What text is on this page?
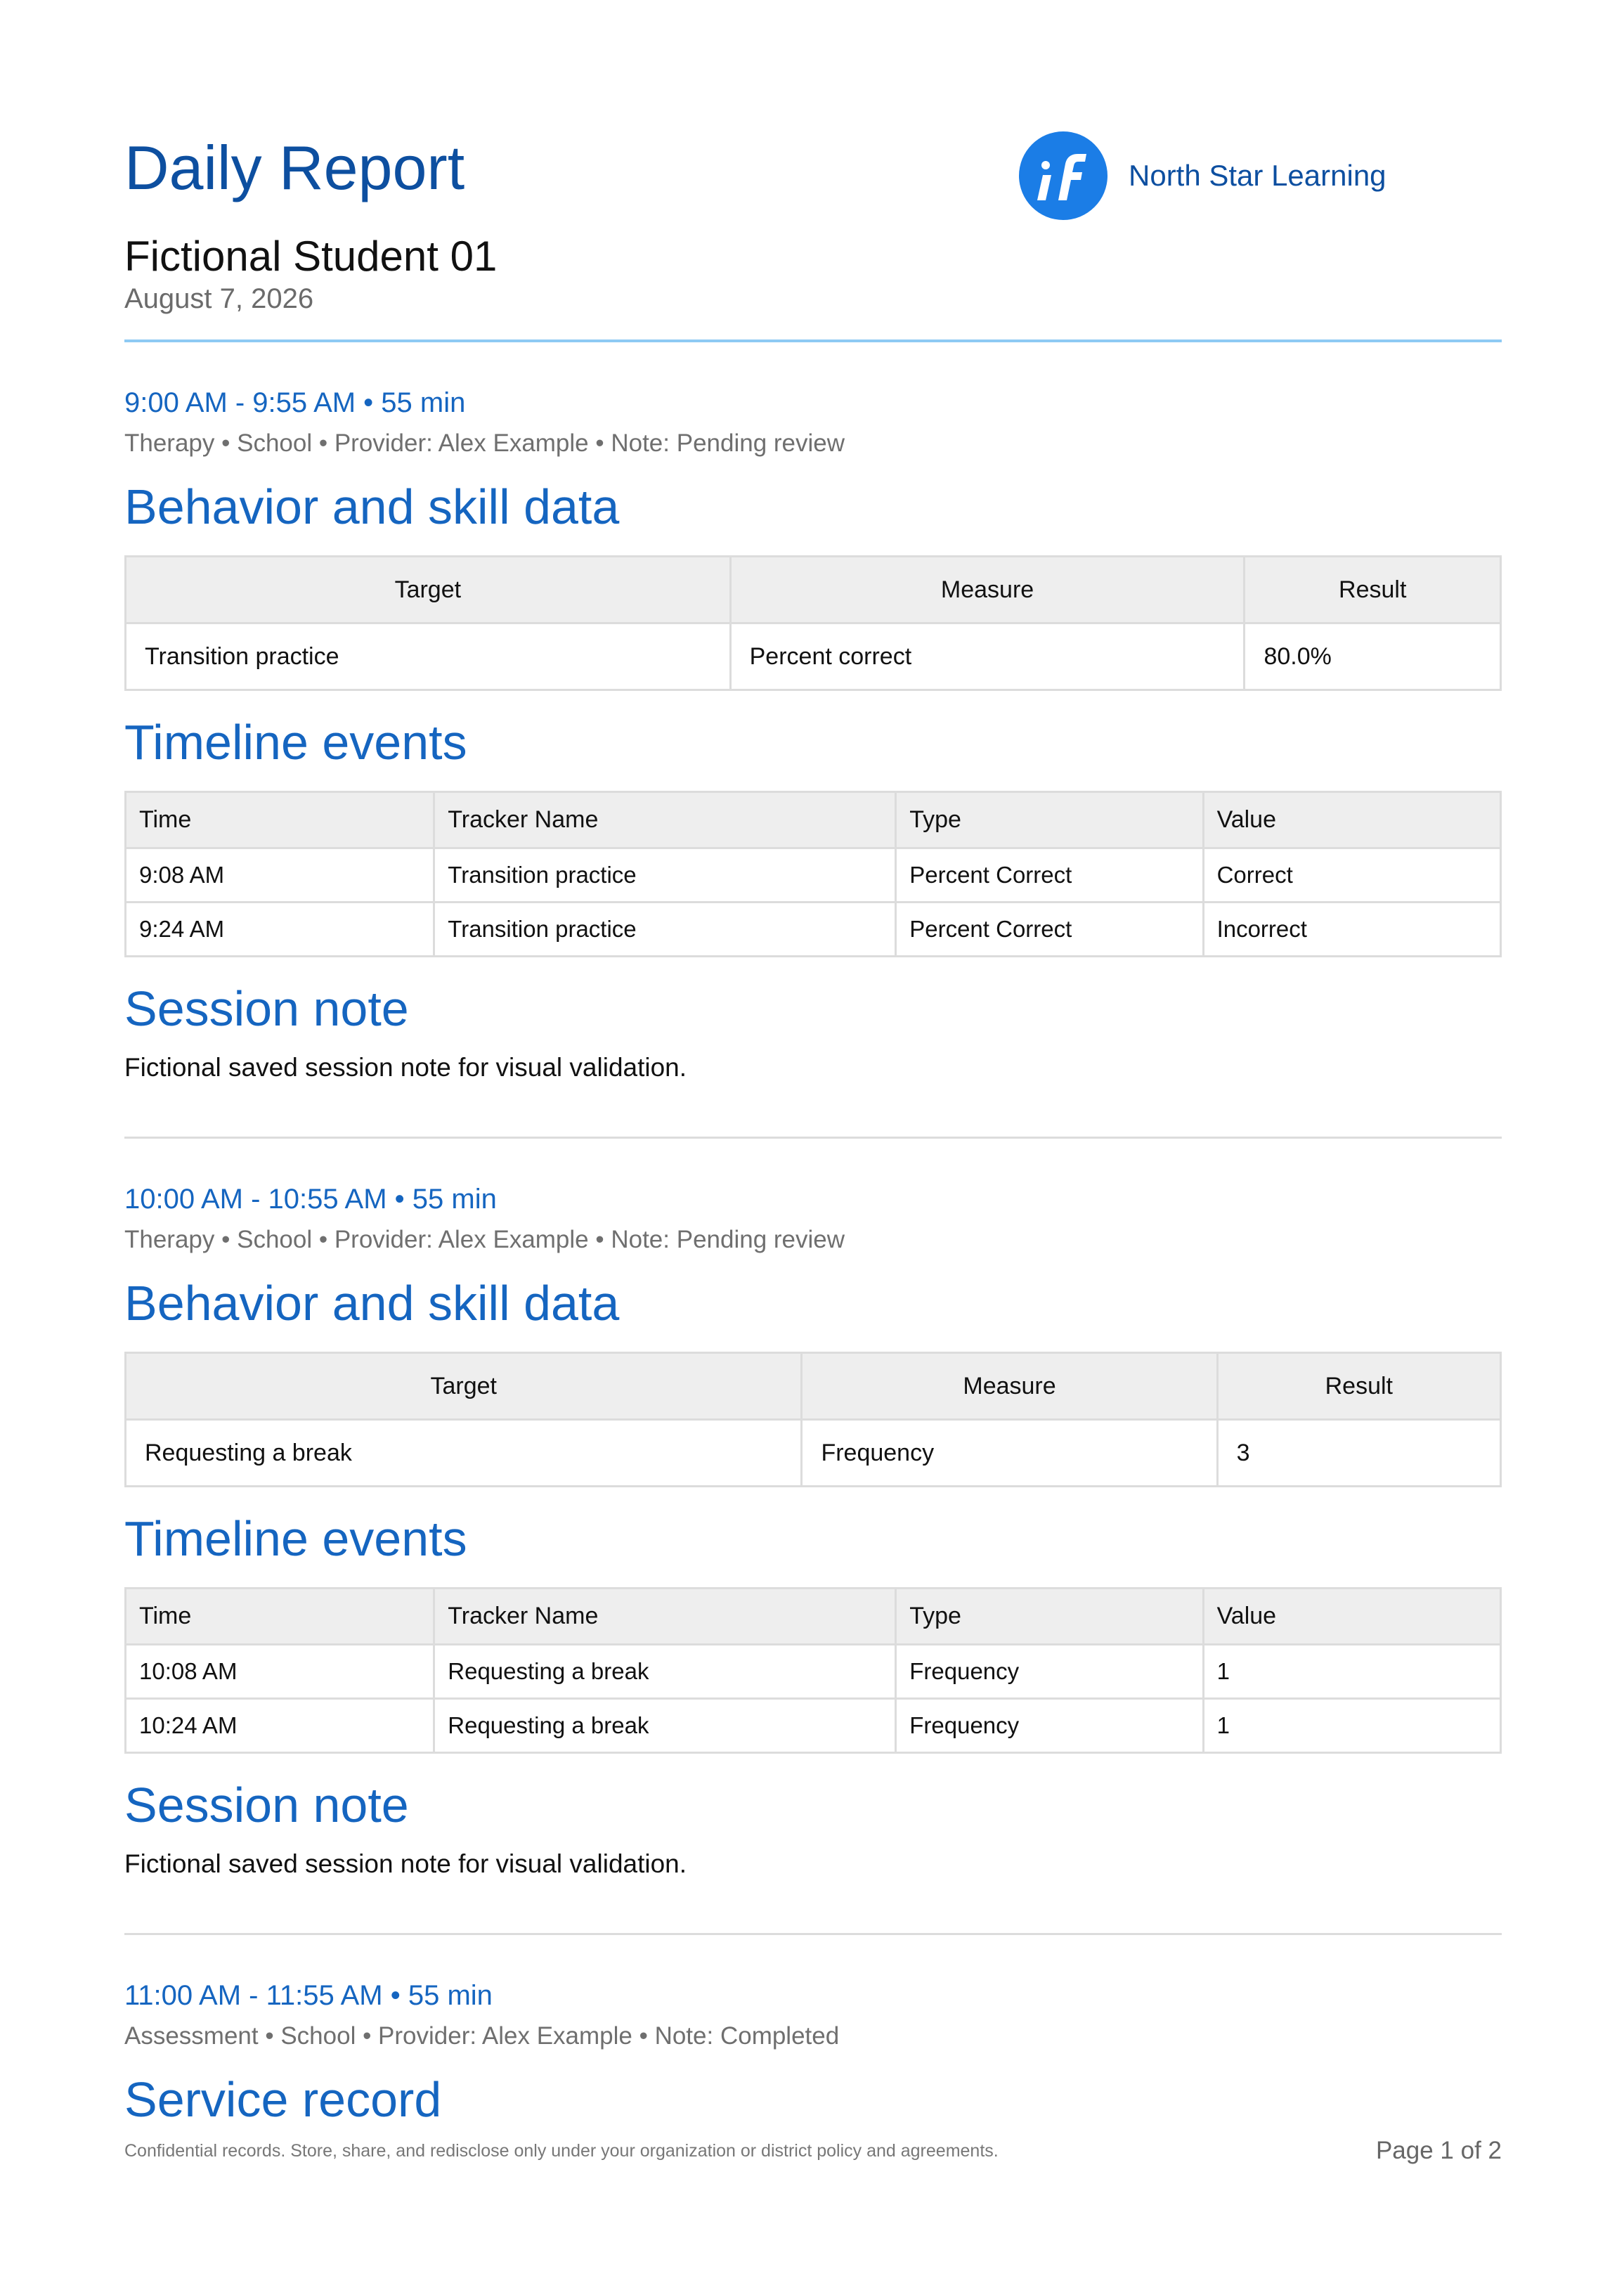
Daily Report
Fictional Student 01
August 7, 2026
North Star Learning
9:00 AM - 9:55 AM • 55 min
Therapy • School • Provider: Alex Example • Note: Pending review
Behavior and skill data
Target	Measure	Result
Transition practice	Percent correct	80.0%
Timeline events
Time	Tracker Name	Type	Value
9:08 AM	Transition practice	Percent Correct	Correct
9:24 AM	Transition practice	Percent Correct	Incorrect
Session note
Fictional saved session note for visual validation.
10:00 AM - 10:55 AM • 55 min
Therapy • School • Provider: Alex Example • Note: Pending review
Behavior and skill data
Target	Measure	Result
Requesting a break	Frequency	3
Timeline events
Time	Tracker Name	Type	Value
10:08 AM	Requesting a break	Frequency	1
10:24 AM	Requesting a break	Frequency	1
Session note
Fictional saved session note for visual validation.
11:00 AM - 11:55 AM • 55 min
Assessment • School • Provider: Alex Example • Note: Completed
Service record
Confidential records. Store, share, and redisclose only under your organization or district policy and agreements.	Page 1 of 2
